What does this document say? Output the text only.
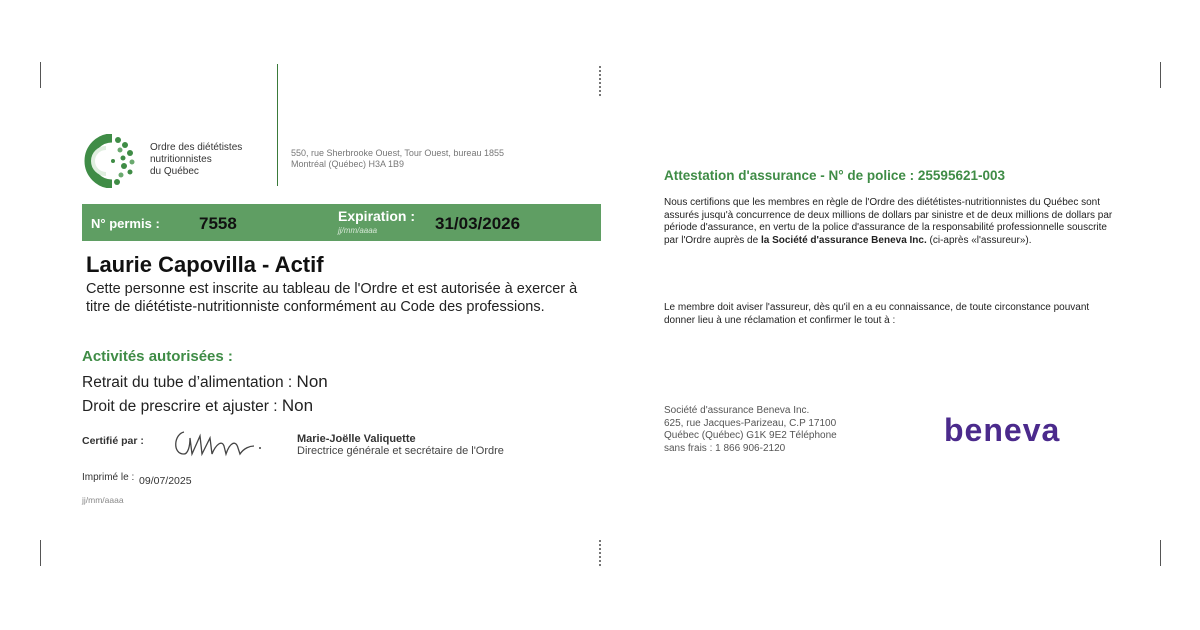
Ordre des diététistes
nutritionnistes
du Québec
550, rue Sherbrooke Ouest, Tour Ouest, bureau 1855
Montréal (Québec) H3A 1B9
N° permis : 7558	Expiration :
jj/mm/aaaa	31/03/2026
Laurie Capovilla - Actif
Cette personne est inscrite au tableau de l'Ordre et est autorisée à exercer à titre de diététiste-nutritionniste conformément au Code des professions.
Activités autorisées :
Retrait du tube d’alimentation : Non
Droit de prescrire et ajuster : Non
Certifié par :	Marie-Joëlle Valiquette
Directrice générale et secrétaire de l'Ordre
Imprimé le : 09/07/2025
jj/mm/aaaa
Attestation d'assurance - N° de police : 25595621-003
Nous certifions que les membres en règle de l'Ordre des diététistes-nutritionnistes du Québec sont assurés jusqu'à concurrence de deux millions de dollars par sinistre et de deux millions de dollars par période d'assurance, en vertu de la police d'assurance de la responsabilité professionnelle souscrite par l'Ordre auprès de la Société d'assurance Beneva Inc. (ci-après «l'assureur»).
Le membre doit aviser l'assureur, dès qu'il en a eu connaissance, de toute circonstance pouvant donner lieu à une réclamation et confirmer le tout à :
Société d'assurance Beneva Inc.
625, rue Jacques-Parizeau, C.P 17100
Québec (Québec) G1K 9E2 Téléphone
sans frais : 1 866 906-2120	beneva
